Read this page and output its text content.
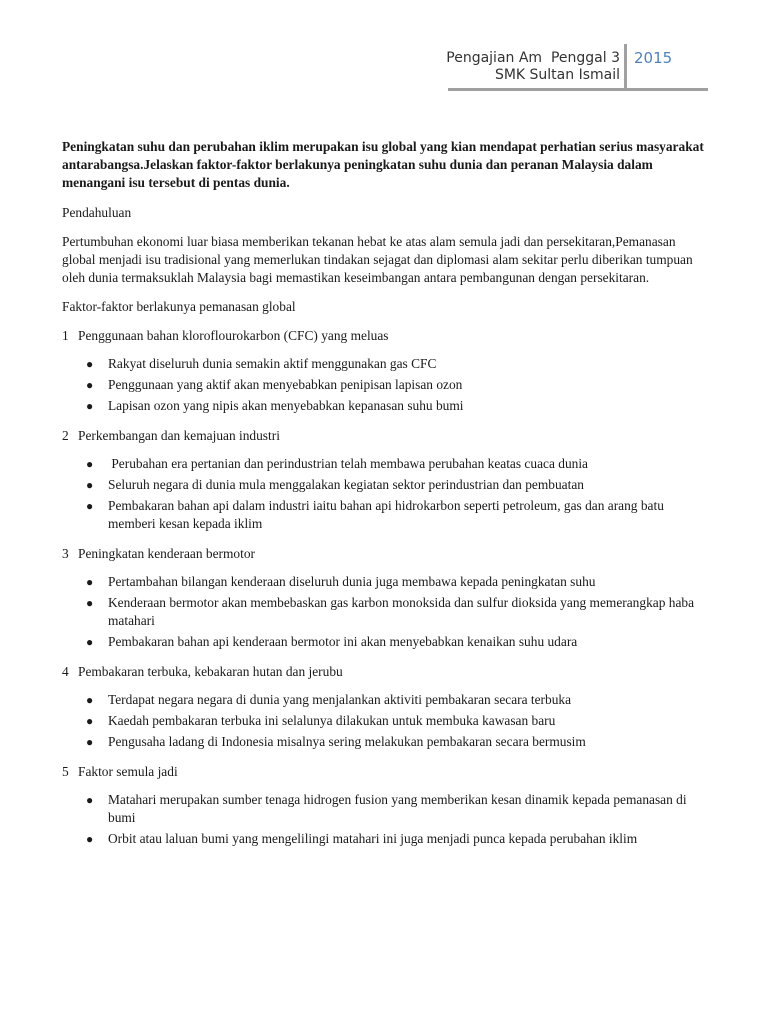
Pengajian Am  Penggal 3
SMK Sultan Ismail
2015

Peningkatan suhu dan perubahan iklim merupakan isu global yang kian mendapat perhatian serius masyarakat antarabangsa.Jelaskan faktor-faktor berlakunya peningkatan suhu dunia dan peranan Malaysia dalam menangani isu tersebut di pentas dunia.

Pendahuluan

Pertumbuhan ekonomi luar biasa memberikan tekanan hebat ke atas alam semula jadi dan persekitaran,Pemanasan global menjadi isu tradisional yang memerlukan tindakan sejagat dan diplomasi alam sekitar perlu diberikan tumpuan oleh dunia termaksuklah Malaysia bagi memastikan keseimbangan antara pembangunan dengan persekitaran.

Faktor-faktor berlakunya pemanasan global

1 Penggunaan bahan kloroflourokarbon (CFC) yang meluas

● Rakyat diseluruh dunia semakin aktif menggunakan gas CFC
● Penggunaan yang aktif akan menyebabkan penipisan lapisan ozon
● Lapisan ozon yang nipis akan menyebabkan kepanasan suhu bumi

2 Perkembangan dan kemajuan industri

● Perubahan era pertanian dan perindustrian telah membawa perubahan keatas cuaca dunia
● Seluruh negara di dunia mula menggalakan kegiatan sektor perindustrian dan pembuatan
● Pembakaran bahan api dalam industri iaitu bahan api hidrokarbon seperti petroleum, gas dan arang batu memberi kesan kepada iklim

3 Peningkatan kenderaan bermotor

● Pertambahan bilangan kenderaan diseluruh dunia juga membawa kepada peningkatan suhu
● Kenderaan bermotor akan membebaskan gas karbon monoksida dan sulfur dioksida yang memerangkap haba matahari
● Pembakaran bahan api kenderaan bermotor ini akan menyebabkan kenaikan suhu udara

4 Pembakaran terbuka, kebakaran hutan dan jerubu

● Terdapat negara negara di dunia yang menjalankan aktiviti pembakaran secara terbuka
● Kaedah pembakaran terbuka ini selalunya dilakukan untuk membuka kawasan baru
● Pengusaha ladang di Indonesia misalnya sering melakukan pembakaran secara bermusim

5 Faktor semula jadi

● Matahari merupakan sumber tenaga hidrogen fusion yang memberikan kesan dinamik kepada pemanasan di bumi
● Orbit atau laluan bumi yang mengelilingi matahari ini juga menjadi punca kepada perubahan iklim
